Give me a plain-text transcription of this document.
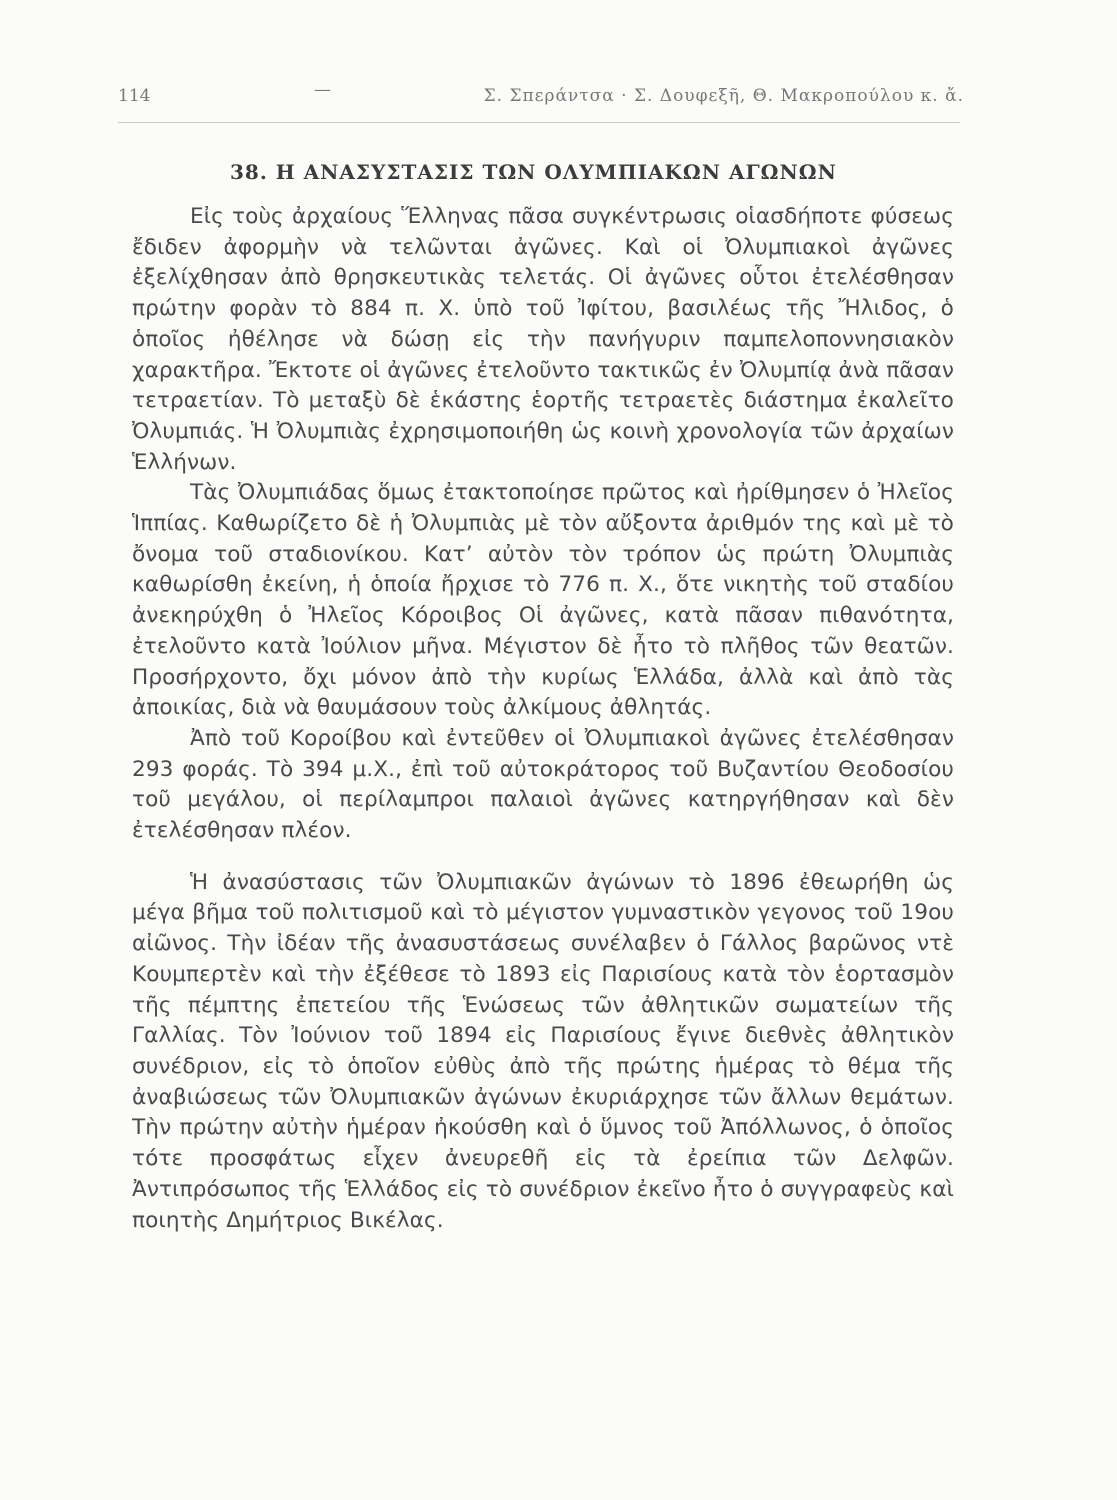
114	—	Σ. Σπεράντσα · Σ. Δουφεξῆ, Θ. Μακροπούλου κ. ἄ.
38. Η ΑΝΑΣΥΣΤΑΣΙΣ ΤΩΝ ΟΛΥΜΠΙΑΚΩΝ ΑΓΩΝΩΝ

Εἰς τοὺς ἀρχαίους Ἕλληνας πᾶσα συγκέντρωσις οἱασδήποτε φύσεως ἔδιδεν ἀφορμὴν νὰ τελῶνται ἀγῶνες. Καὶ οἱ Ὀλυμπιακοὶ ἀγῶνες ἐξελίχθησαν ἀπὸ θρησκευτικὰς τελετάς. Οἱ ἀγῶνες οὗτοι ἐτελέσθησαν πρώτην φορὰν τὸ 884 π. Χ. ὑπὸ τοῦ Ἰφίτου, βασιλέως τῆς Ἤλιδος, ὁ ὁποῖος ἠθέλησε νὰ δώσῃ εἰς τὴν πανήγυριν παμπελοποννησιακὸν χαρακτῆρα. Ἔκτοτε οἱ ἀγῶνες ἐτελοῦντο τακτικῶς ἐν Ὀλυμπίᾳ ἀνὰ πᾶσαν τετραετίαν. Τὸ μεταξὺ δὲ ἑκάστης ἑορτῆς τετραετὲς διάστημα ἐκαλεῖτο Ὀλυμπιάς. Ἡ Ὀλυμπιὰς ἐχρησιμοποιήθη ὡς κοινὴ χρονολογία τῶν ἀρχαίων Ἑλλήνων.

Τὰς Ὀλυμπιάδας ὅμως ἐτακτοποίησε πρῶτος καὶ ἠρίθμησεν ὁ Ἠλεῖος Ἱππίας. Καθωρίζετο δὲ ἡ Ὀλυμπιὰς μὲ τὸν αὔξοντα ἀριθμόν της καὶ μὲ τὸ ὄνομα τοῦ σταδιονίκου. Κατ’ αὐτὸν τὸν τρόπον ὡς πρώτη Ὀλυμπιὰς καθωρίσθη ἐκείνη, ἡ ὁποία ἤρχισε τὸ 776 π. Χ., ὅτε νικητὴς τοῦ σταδίου ἀνεκηρύχθη ὁ Ἠλεῖος Κόροιβος Οἱ ἀγῶνες, κατὰ πᾶσαν πιθανότητα, ἐτελοῦντο κατὰ Ἰούλιον μῆνα. Μέγιστον δὲ ἦτο τὸ πλῆθος τῶν θεατῶν. Προσήρχοντο, ὄχι μόνον ἀπὸ τὴν κυρίως Ἑλλάδα, ἀλλὰ καὶ ἀπὸ τὰς ἀποικίας, διὰ νὰ θαυμάσουν τοὺς ἀλκίμους ἀθλητάς.

Ἀπὸ τοῦ Κοροίβου καὶ ἐντεῦθεν οἱ Ὀλυμπιακοὶ ἀγῶνες ἐτελέσθησαν 293 φοράς. Τὸ 394 μ.Χ., ἐπὶ τοῦ αὐτοκράτορος τοῦ Βυζαντίου Θεοδοσίου τοῦ μεγάλου, οἱ περίλαμπροι παλαιοὶ ἀγῶνες κατηργήθησαν καὶ δὲν ἐτελέσθησαν πλέον.

Ἡ ἀνασύστασις τῶν Ὀλυμπιακῶν ἀγώνων τὸ 1896 ἐθεωρήθη ὡς μέγα βῆμα τοῦ πολιτισμοῦ καὶ τὸ μέγιστον γυμναστικὸν γεγονος τοῦ 19ου αἰῶνος. Τὴν ἰδέαν τῆς ἀνασυστάσεως συνέλαβεν ὁ Γάλλος βαρῶνος ντὲ Κουμπερτὲν καὶ τὴν ἐξέθεσε τὸ 1893 εἰς Παρισίους κατὰ τὸν ἑορτασμὸν τῆς πέμπτης ἐπετείου τῆς Ἑνώσεως τῶν ἀθλητικῶν σωματείων τῆς Γαλλίας. Τὸν Ἰούνιον τοῦ 1894 εἰς Παρισίους ἔγινε διεθνὲς ἀθλητικὸν συνέδριον, εἰς τὸ ὁποῖον εὐθὺς ἀπὸ τῆς πρώτης ἡμέρας τὸ θέμα τῆς ἀναβιώσεως τῶν Ὀλυμπιακῶν ἀγώνων ἐκυριάρχησε τῶν ἄλλων θεμάτων. Τὴν πρώτην αὐτὴν ἡμέραν ἠκούσθη καὶ ὁ ὕμνος τοῦ Ἀπόλλωνος, ὁ ὁποῖος τότε προσφάτως εἶχεν ἀνευρεθῆ εἰς τὰ ἐρείπια τῶν Δελφῶν. Ἀντιπρόσωπος τῆς Ἑλλάδος εἰς τὸ συνέδριον ἐκεῖνο ἦτο ὁ συγγραφεὺς καὶ ποιητὴς Δημήτριος Βικέλας.
